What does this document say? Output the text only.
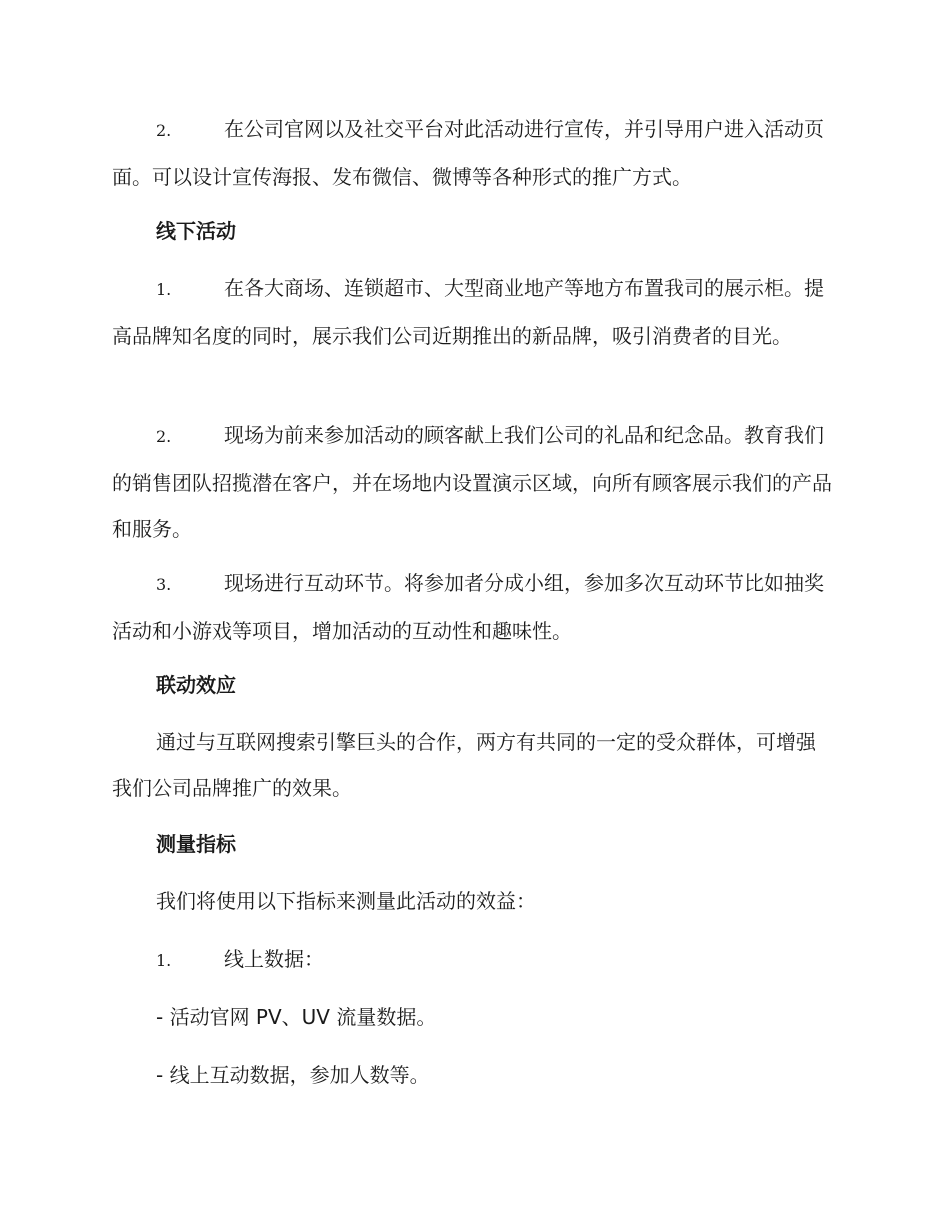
2.	在公司官网以及社交平台对此活动进行宣传，并引导用户进入活动页面。可以设计宣传海报、发布微信、微博等各种形式的推广方式。
线下活动
1.	在各大商场、连锁超市、大型商业地产等地方布置我司的展示柜。提高品牌知名度的同时，展示我们公司近期推出的新品牌，吸引消费者的目光。
2.	现场为前来参加活动的顾客献上我们公司的礼品和纪念品。教育我们的销售团队招揽潜在客户，并在场地内设置演示区域，向所有顾客展示我们的产品和服务。
3.	现场进行互动环节。将参加者分成小组，参加多次互动环节比如抽奖活动和小游戏等项目，增加活动的互动性和趣味性。
联动效应
通过与互联网搜索引擎巨头的合作，两方有共同的一定的受众群体，可增强我们公司品牌推广的效果。
测量指标
我们将使用以下指标来测量此活动的效益：
1.	线上数据：
- 活动官网 PV、UV 流量数据。
- 线上互动数据，参加人数等。
